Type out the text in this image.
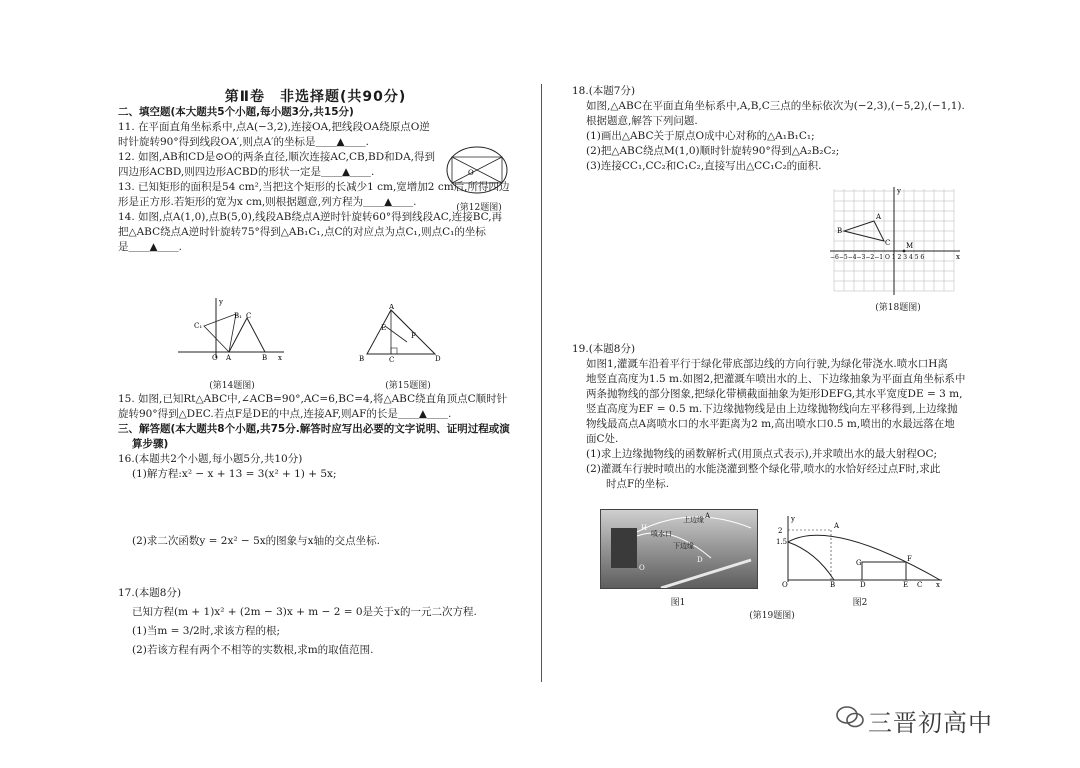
第Ⅱ卷　非选择题(共90分)

二、填空题(本大题共5个小题,每小题3分,共15分)

11. 在平面直角坐标系中,点A(−3,2),连接OA,把线段OA绕原点O逆

时针旋转90°得到线段OA′,则点A′的坐标是＿＿▲＿＿.

12. 如图,AB和CD是⊙O的两条直径,顺次连接AC,CB,BD和DA,得到

四边形ACBD,则四边形ACBD的形状一定是＿＿▲＿＿.

13. 已知矩形的面积是54 cm²,当把这个矩形的长减少1 cm,宽增加2 cm后,所得四边

形是正方形.若矩形的宽为x cm,则根据题意,列方程为＿＿▲＿＿.

14. 如图,点A(1,0),点B(5,0),线段AB绕点A逆时针旋转60°得到线段AC,连接BC,再

把△ABC绕点A逆时针旋转75°得到△AB₁C₁,点C的对应点为点C₁,则点C₁的坐标

是＿＿▲＿＿.

O
(第12题图)
O A	B x
y
C₁
B₁ C
(第14题图)
B
A
E
F
C	D
(第15题图)

15. 如图,已知Rt△ABC中,∠ACB=90°,AC=6,BC=4,将△ABC绕直角顶点C顺时针

旋转90°得到△DEC.若点F是DE的中点,连接AF,则AF的长是＿＿▲＿＿.

三、解答题(本大题共8个小题,共75分.解答时应写出必要的文字说明、证明过程或演

算步骤)

16.(本题共2个小题,每小题5分,共10分)

(1)解方程:x² − x + 13 = 3(x² + 1) + 5x;

(2)求二次函数y = 2x² − 5x的图象与x轴的交点坐标.

17.(本题8分)

已知方程(m + 1)x² + (2m − 3)x + m − 2 = 0是关于x的一元二次方程.

(1)当m = 3/2时,求该方程的根;

(2)若该方程有两个不相等的实数根,求m的取值范围.

18.(本题7分)

如图,△ABC在平面直角坐标系中,A,B,C三点的坐标依次为(−2,3),(−5,2),(−1,1).

根据题意,解答下列问题.

(1)画出△ABC关于原点O成中心对称的△A₁B₁C₁;

(2)把△ABC绕点M(1,0)顺时针旋转90°得到△A₂B₂C₂;

(3)连接CC₁,CC₂和C₁C₂,直接写出△CC₁C₂的面积.

A
B
C M
x
y
−6−5−4−3−2−1 O 1 2 3 4 5 6
(第18题图)

19.(本题8分)

如图1,灌溉车沿着平行于绿化带底部边线的方向行驶,为绿化带浇水.喷水口H离

地竖直高度为1.5 m.如图2,把灌溉车喷出水的上、下边缘抽象为平面直角坐标系中

两条抛物线的部分图象,把绿化带横截面抽象为矩形DEFG,其水平宽度DE = 3 m,

竖直高度为EF = 0.5 m.下边缘抛物线是由上边缘抛物线向左平移得到,上边缘抛

物线最高点A离喷水口的水平距离为2 m,高出喷水口0.5 m,喷出的水最远落在地

面C处.

(1)求上边缘抛物线的函数解析式(用顶点式表示),并求喷出水的最大射程OC;

(2)灌溉车行驶时喷出的水能浇灌到整个绿化带,喷水的水恰好经过点F时,求此

时点F的坐标.

上边缘
喷水口
下边缘
H
A
O
D
图1
2
1.5
A
G	F
O	B	D	E C x
y
图2
(第19题图)
三晋初高中
